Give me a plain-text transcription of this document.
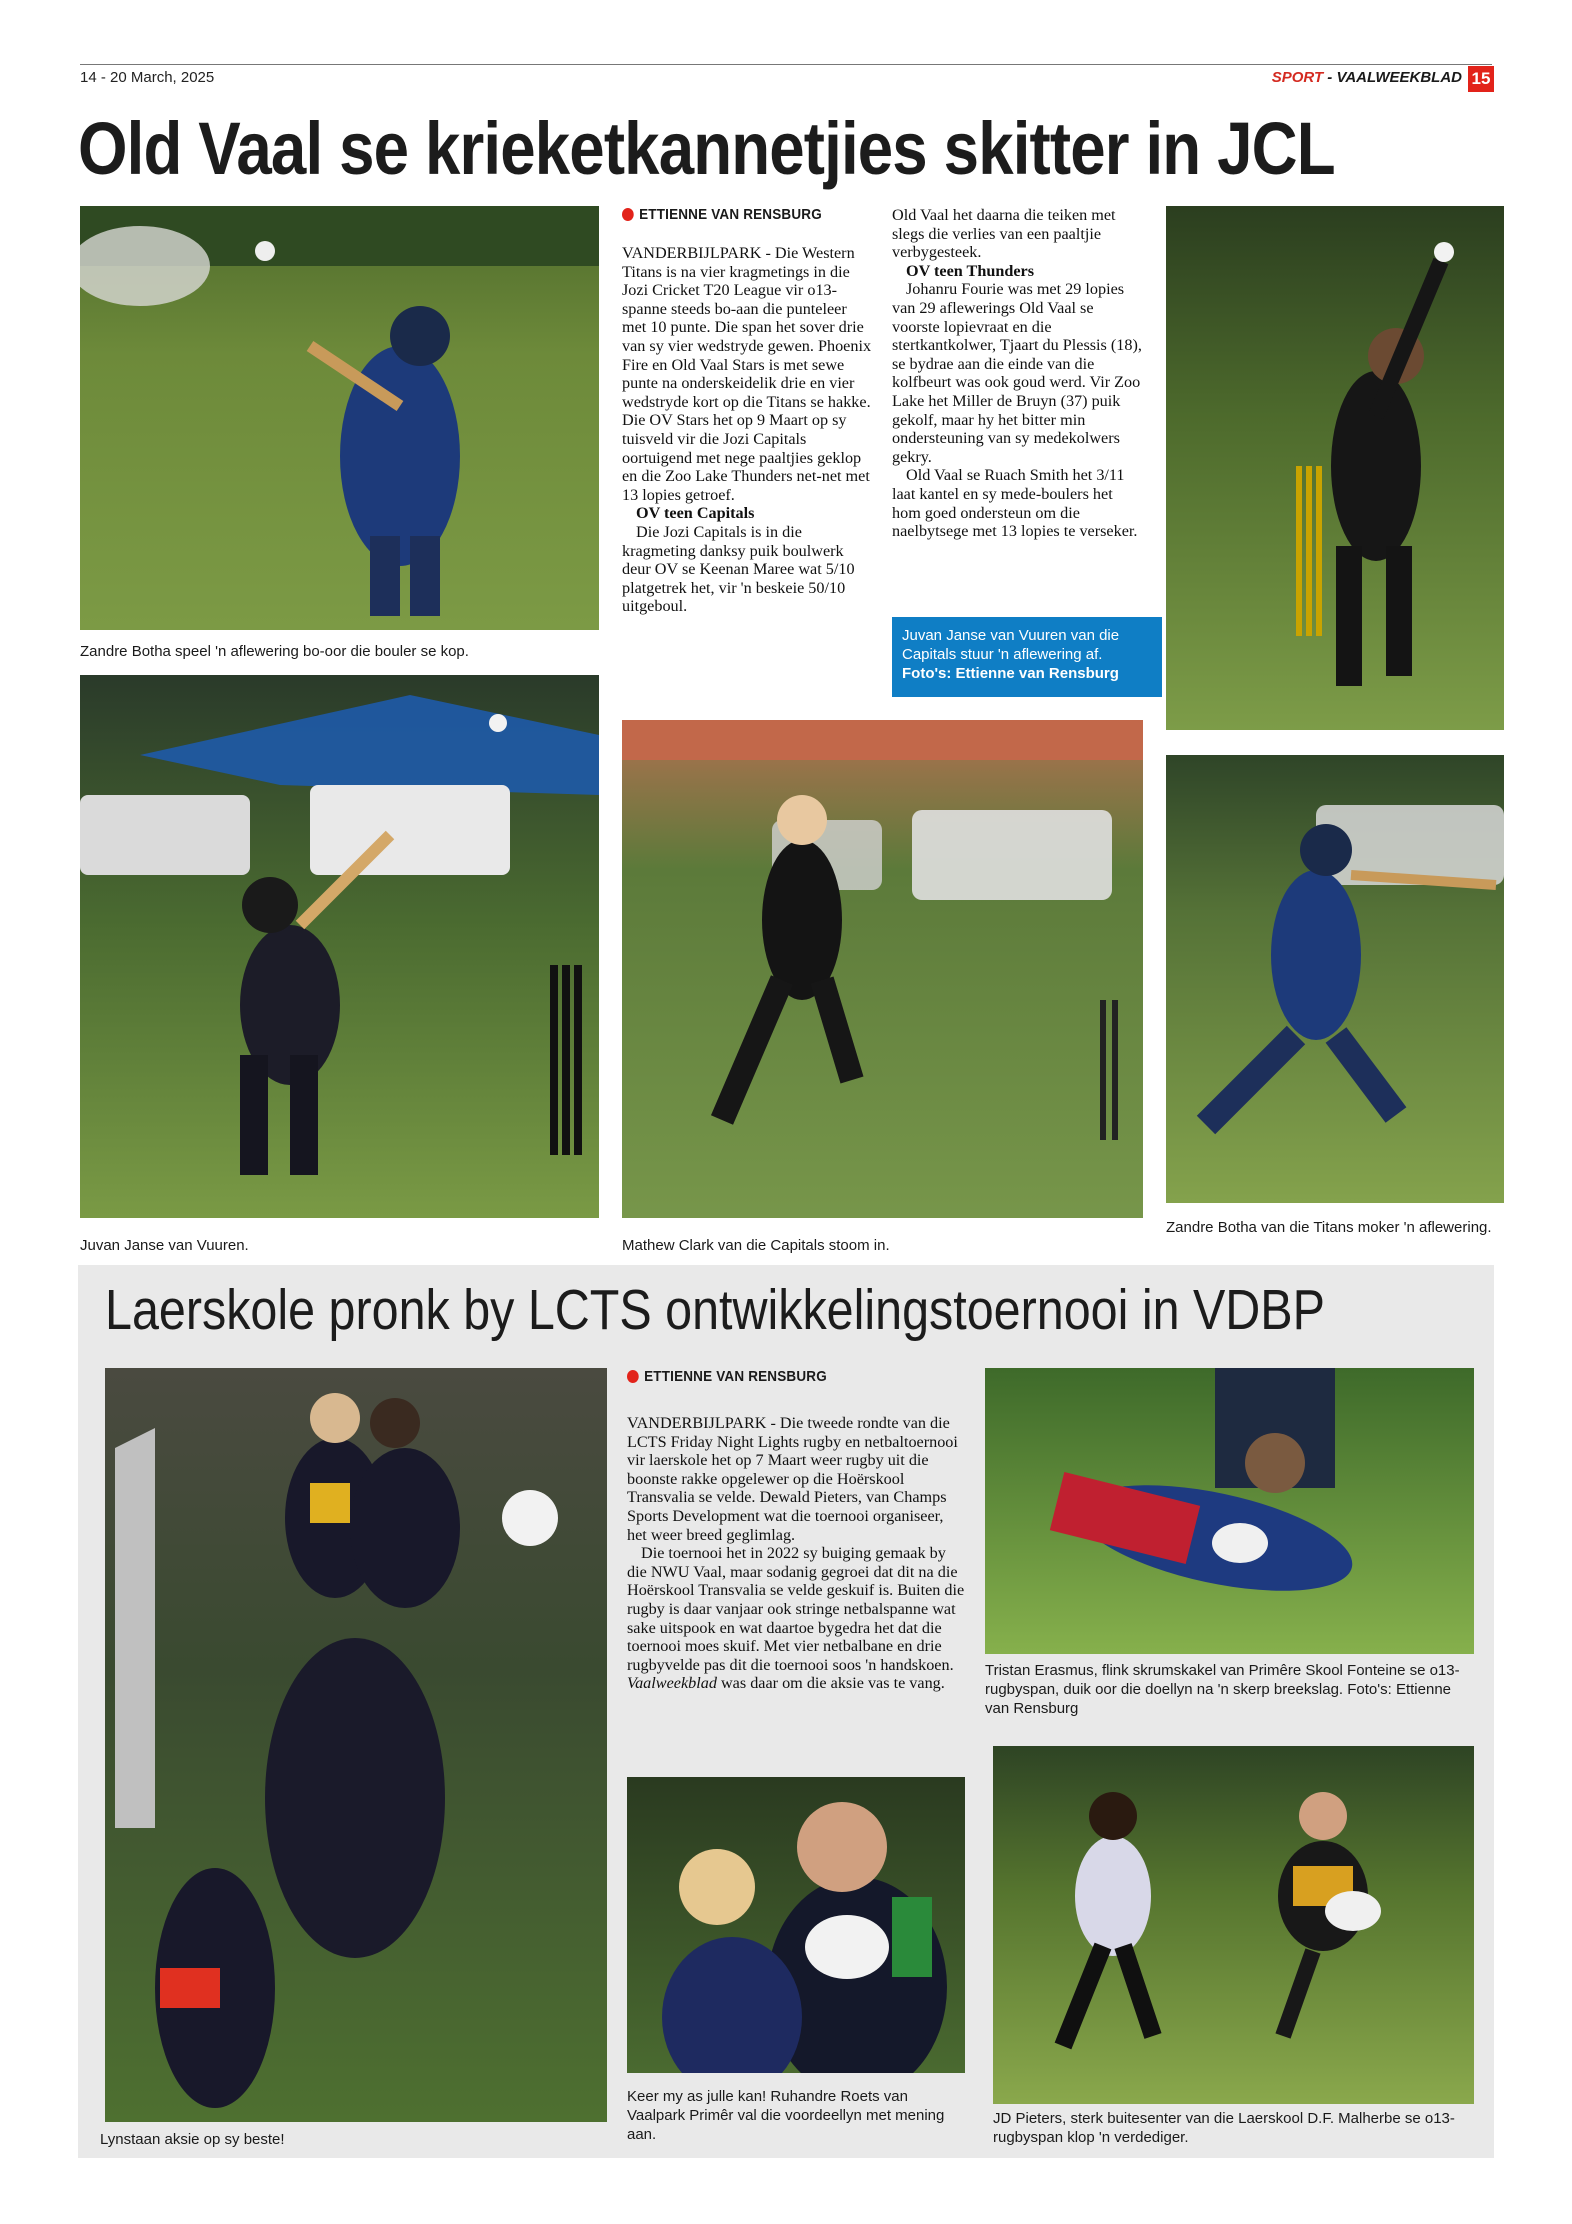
14 - 20 March, 2025	SPORT - VAALWEEKBLAD 15
Old Vaal se krieketkannetjies skitter in JCL
Zandre Botha speel 'n aflewering bo-oor die bouler se kop.
Juvan Janse van Vuuren.
ETTIENNE VAN RENSBURG

VANDERBIJLPARK - Die Western Titans is na vier kragmetings in die Jozi Cricket T20 League vir o13-spanne steeds bo-aan die punteleer met 10 punte. Die span het sover drie van sy vier wedstryde gewen. Phoenix Fire en Old Vaal Stars is met sewe punte na onderskeidelik drie en vier wedstryde kort op die Titans se hakke. Die OV Stars het op 9 Maart op sy tuisveld vir die Jozi Capitals oortuigend met nege paaltjies geklop en die Zoo Lake Thunders net-net met 13 lopies getroef.

OV teen Capitals

Die Jozi Capitals is in die kragmeting danksy puik boulwerk deur OV se Keenan Maree wat 5/10 platgetrek het, vir 'n beskeie 50/10 uitgeboul.

Old Vaal het daarna die teiken met slegs die verlies van een paaltjie verbygesteek.

OV teen Thunders

Johanru Fourie was met 29 lopies van 29 aflewerings Old Vaal se voorste lopievraat en die stertkantkolwer, Tjaart du Plessis (18), se bydrae aan die einde van die kolfbeurt was ook goud werd. Vir Zoo Lake het Miller de Bruyn (37) puik gekolf, maar hy het bitter min ondersteuning van sy medekolwers gekry.

Old Vaal se Ruach Smith het 3/11 laat kantel en sy mede-boulers het hom goed ondersteun om die naelbytsege met 13 lopies te verseker.

Juvan Janse van Vuuren van die Capitals stuur 'n aflewering af.
Foto's: Ettienne van Rensburg
Mathew Clark van die Capitals stoom in.
Zandre Botha van die Titans moker 'n aflewering.
Laerskole pronk by LCTS ontwikkelingstoernooi in VDBP
Lynstaan aksie op sy beste!
ETTIENNE VAN RENSBURG

VANDERBIJLPARK - Die tweede rondte van die LCTS Friday Night Lights rugby en netbaltoernooi vir laerskole het op 7 Maart weer rugby uit die boonste rakke opgelewer op die Hoërskool Transvalia se velde. Dewald Pieters, van Champs Sports Development wat die toernooi organiseer, het weer breed geglimlag.

Die toernooi het in 2022 sy buiging gemaak by die NWU Vaal, maar sodanig gegroei dat dit na die Hoërskool Transvalia se velde geskuif is. Buiten die rugby is daar vanjaar ook stringe netbalspanne wat sake uitspook en wat daartoe bygedra het dat die toernooi moes skuif. Met vier netbalbane en drie rugbyvelde pas dit die toernooi soos 'n handskoen. Vaalweekblad was daar om die aksie vas te vang.

Tristan Erasmus, flink skrumskakel van Primêre Skool Fonteine se o13-rugbyspan, duik oor die doellyn na 'n skerp breekslag. Foto's: Ettienne van Rensburg
Keer my as julle kan! Ruhandre Roets van Vaalpark Primêr val die voordeellyn met mening aan.
JD Pieters, sterk buitesenter van die Laerskool D.F. Malherbe se o13-rugbyspan klop 'n verdediger.
